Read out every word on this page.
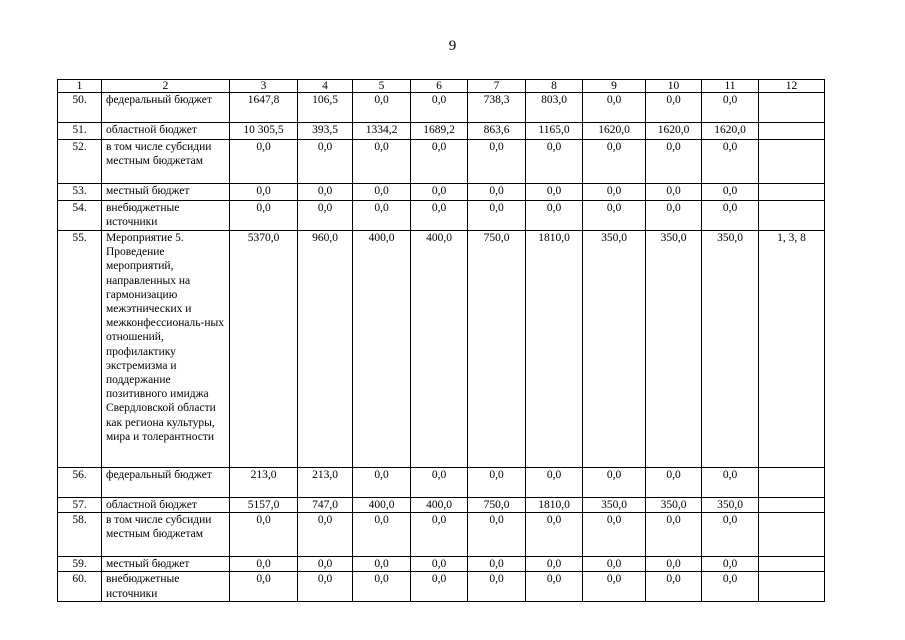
9
1	2	3	4	5	6	7	8	9	10	11	12
50.	федеральный бюджет	1647,8	106,5	0,0	0,0	738,3	803,0	0,0	0,0	0,0	
51.	областной бюджет	10 305,5	393,5	1334,2	1689,2	863,6	1165,0	1620,0	1620,0	1620,0	
52.	в том числе субсидии местным бюджетам	0,0	0,0	0,0	0,0	0,0	0,0	0,0	0,0	0,0	
53.	местный бюджет	0,0	0,0	0,0	0,0	0,0	0,0	0,0	0,0	0,0	
54.	внебюджетные источники	0,0	0,0	0,0	0,0	0,0	0,0	0,0	0,0	0,0	
55.	Мероприятие 5. Проведение мероприятий, направленных на гармонизацию межэтнических и межконфессиональ-ных отношений, профилактику экстремизма и поддержание позитивного имиджа Свердловской области как региона культуры, мира и толерантности	5370,0	960,0	400,0	400,0	750,0	1810,0	350,0	350,0	350,0	1, 3, 8
56.	федеральный бюджет	213,0	213,0	0,0	0,0	0,0	0,0	0,0	0,0	0,0	
57.	областной бюджет	5157,0	747,0	400,0	400,0	750,0	1810,0	350,0	350,0	350,0	
58.	в том числе субсидии местным бюджетам	0,0	0,0	0,0	0,0	0,0	0,0	0,0	0,0	0,0	
59.	местный бюджет	0,0	0,0	0,0	0,0	0,0	0,0	0,0	0,0	0,0	
60.	внебюджетные источники	0,0	0,0	0,0	0,0	0,0	0,0	0,0	0,0	0,0	
